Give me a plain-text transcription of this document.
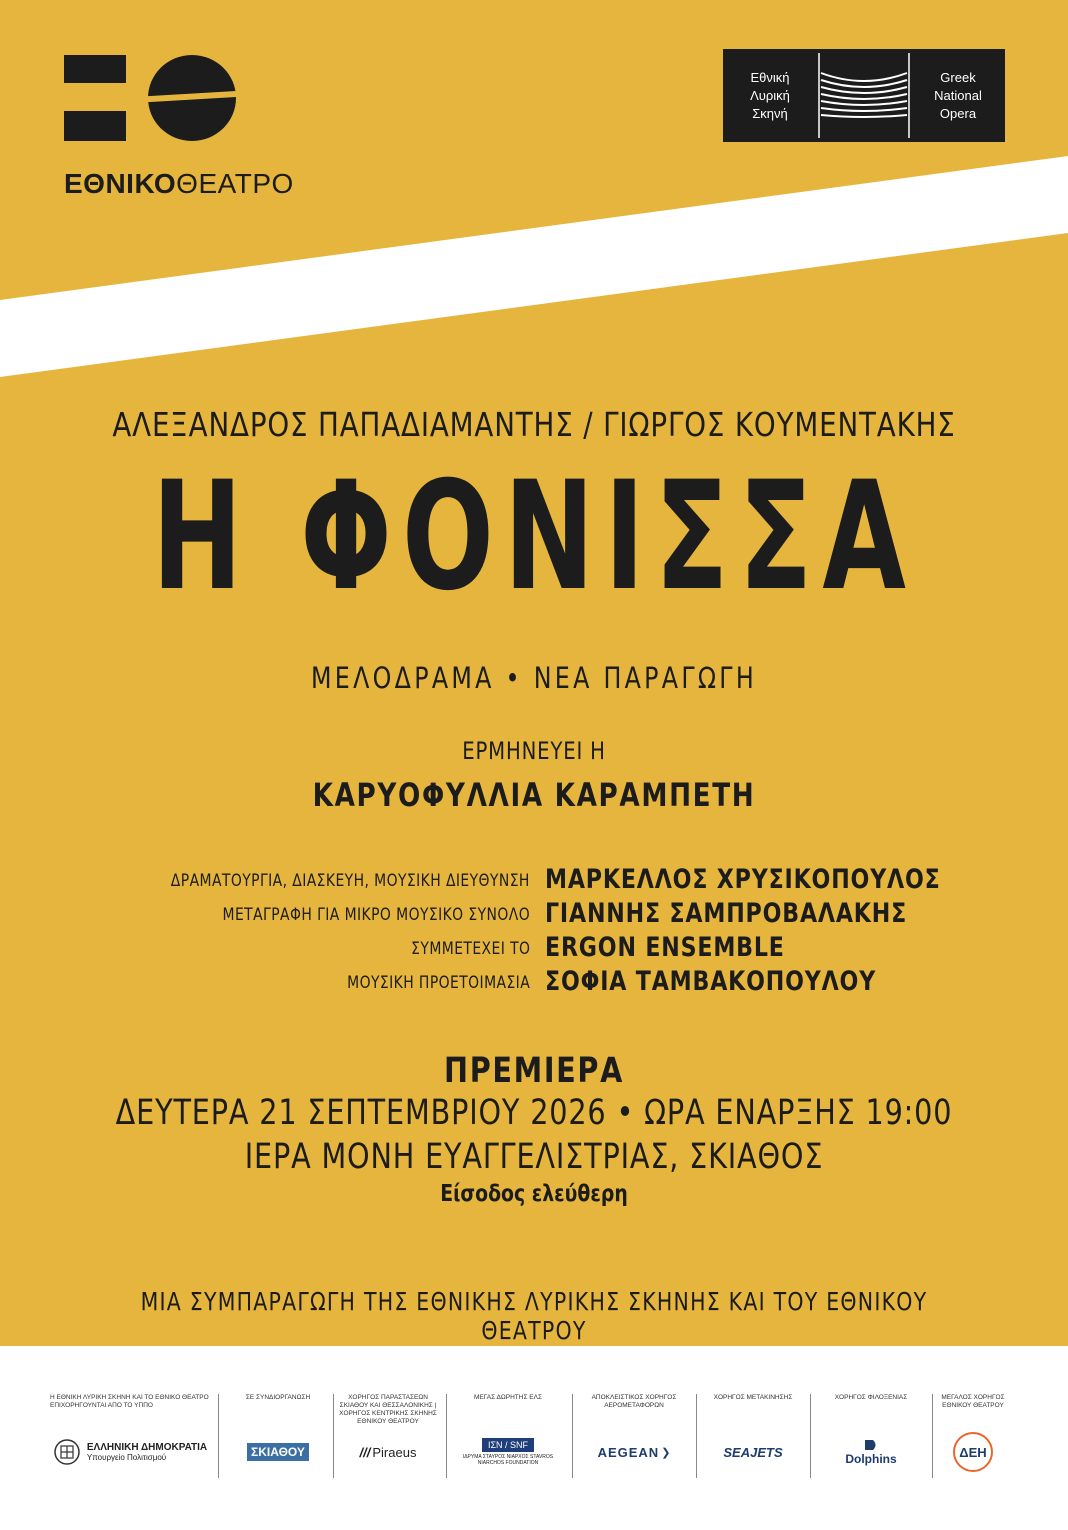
ΕΘΝΙΚΟΘΕΑΤΡΟ
Εθνική
Λυρική
Σκηνή
Greek
National
Opera
ΑΛΕΞΑΝΔΡΟΣ ΠΑΠΑΔΙΑΜΑΝΤΗΣ / ΓΙΩΡΓΟΣ ΚΟΥΜΕΝΤΑΚΗΣ
Η ΦΟΝΙΣΣΑ
ΜΕΛΟΔΡΑΜΑ • ΝΕΑ ΠΑΡΑΓΩΓΗ
ΕΡΜΗΝΕΥΕΙ Η
ΚΑΡΥΟΦΥΛΛΙΑ ΚΑΡΑΜΠΕΤΗ
ΔΡΑΜΑΤΟΥΡΓΙΑ, ΔΙΑΣΚΕΥΗ, ΜΟΥΣΙΚΗ ΔΙΕΥΘΥΝΣΗ ΜΑΡΚΕΛΛΟΣ ΧΡΥΣΙΚΟΠΟΥΛΟΣ
ΜΕΤΑΓΡΑΦΗ ΓΙΑ ΜΙΚΡΟ ΜΟΥΣΙΚΟ ΣΥΝΟΛΟ ΓΙΑΝΝΗΣ ΣΑΜΠΡΟΒΑΛΑΚΗΣ
ΣΥΜΜΕΤΕΧΕΙ ΤΟ ERGON ENSEMBLE
ΜΟΥΣΙΚΗ ΠΡΟΕΤΟΙΜΑΣΙΑ ΣΟΦΙΑ ΤΑΜΒΑΚΟΠΟΥΛΟΥ
ΠΡΕΜΙΕΡΑ
ΔΕΥΤΕΡΑ 21 ΣΕΠΤΕΜΒΡΙΟΥ 2026 • ΩΡΑ ΕΝΑΡΞΗΣ 19:00
ΙΕΡΑ ΜΟΝΗ ΕΥΑΓΓΕΛΙΣΤΡΙΑΣ, ΣΚΙΑΘΟΣ
Είσοδος ελεύθερη
ΜΙΑ ΣΥΜΠΑΡΑΓΩΓΗ ΤΗΣ ΕΘΝΙΚΗΣ ΛΥΡΙΚΗΣ ΣΚΗΝΗΣ ΚΑΙ ΤΟΥ ΕΘΝΙΚΟΥ ΘΕΑΤΡΟΥ
Η ΕΘΝΙΚΗ ΛΥΡΙΚΗ ΣΚΗΝΗ ΚΑΙ ΤΟ ΕΘΝΙΚΟ ΘΕΑΤΡΟ ΕΠΙΧΟΡΗΓΟΥΝΤΑΙ ΑΠΟ ΤΟ ΥΠΠΟ
ΕΛΛΗΝΙΚΗ ΔΗΜΟΚΡΑΤΙΑ
Υπουργείο Πολιτισμού
ΣΕ ΣΥΝΔΙΟΡΓΑΝΩΣΗ
ΣΚΙΑΘΟΥ
ΧΟΡΗΓΟΣ ΠΑΡΑΣΤΑΣΕΩΝ ΣΚΙΑΘΟΥ ΚΑΙ ΘΕΣΣΑΛΟΝΙΚΗΣ | ΧΟΡΗΓΟΣ ΚΕΝΤΡΙΚΗΣ ΣΚΗΝΗΣ ΕΘΝΙΚΟΥ ΘΕΑΤΡΟΥ
/// Piraeus
ΜΕΓΑΣ ΔΩΡΗΤΗΣ ΕΛΣ
ΙΣΝ / SNF
ΙΔΡΥΜΑ ΣΤΑΥΡΟΣ ΝΙΑΡΧΟΣ STAVROS NIARCHOS FOUNDATION
ΑΠΟΚΛΕΙΣΤΙΚΟΣ ΧΟΡΗΓΟΣ ΑΕΡΟΜΕΤΑΦΟΡΩΝ
AEGEAN ❯
ΧΟΡΗΓΟΣ ΜΕΤΑΚΙΝΗΣΗΣ
SEAJETS
ΧΟΡΗΓΟΣ ΦΙΛΟΞΕΝΙΑΣ
Dolphins
ΜΕΓΑΛΟΣ ΧΟΡΗΓΟΣ ΕΘΝΙΚΟΥ ΘΕΑΤΡΟΥ
ΔΕΗ
